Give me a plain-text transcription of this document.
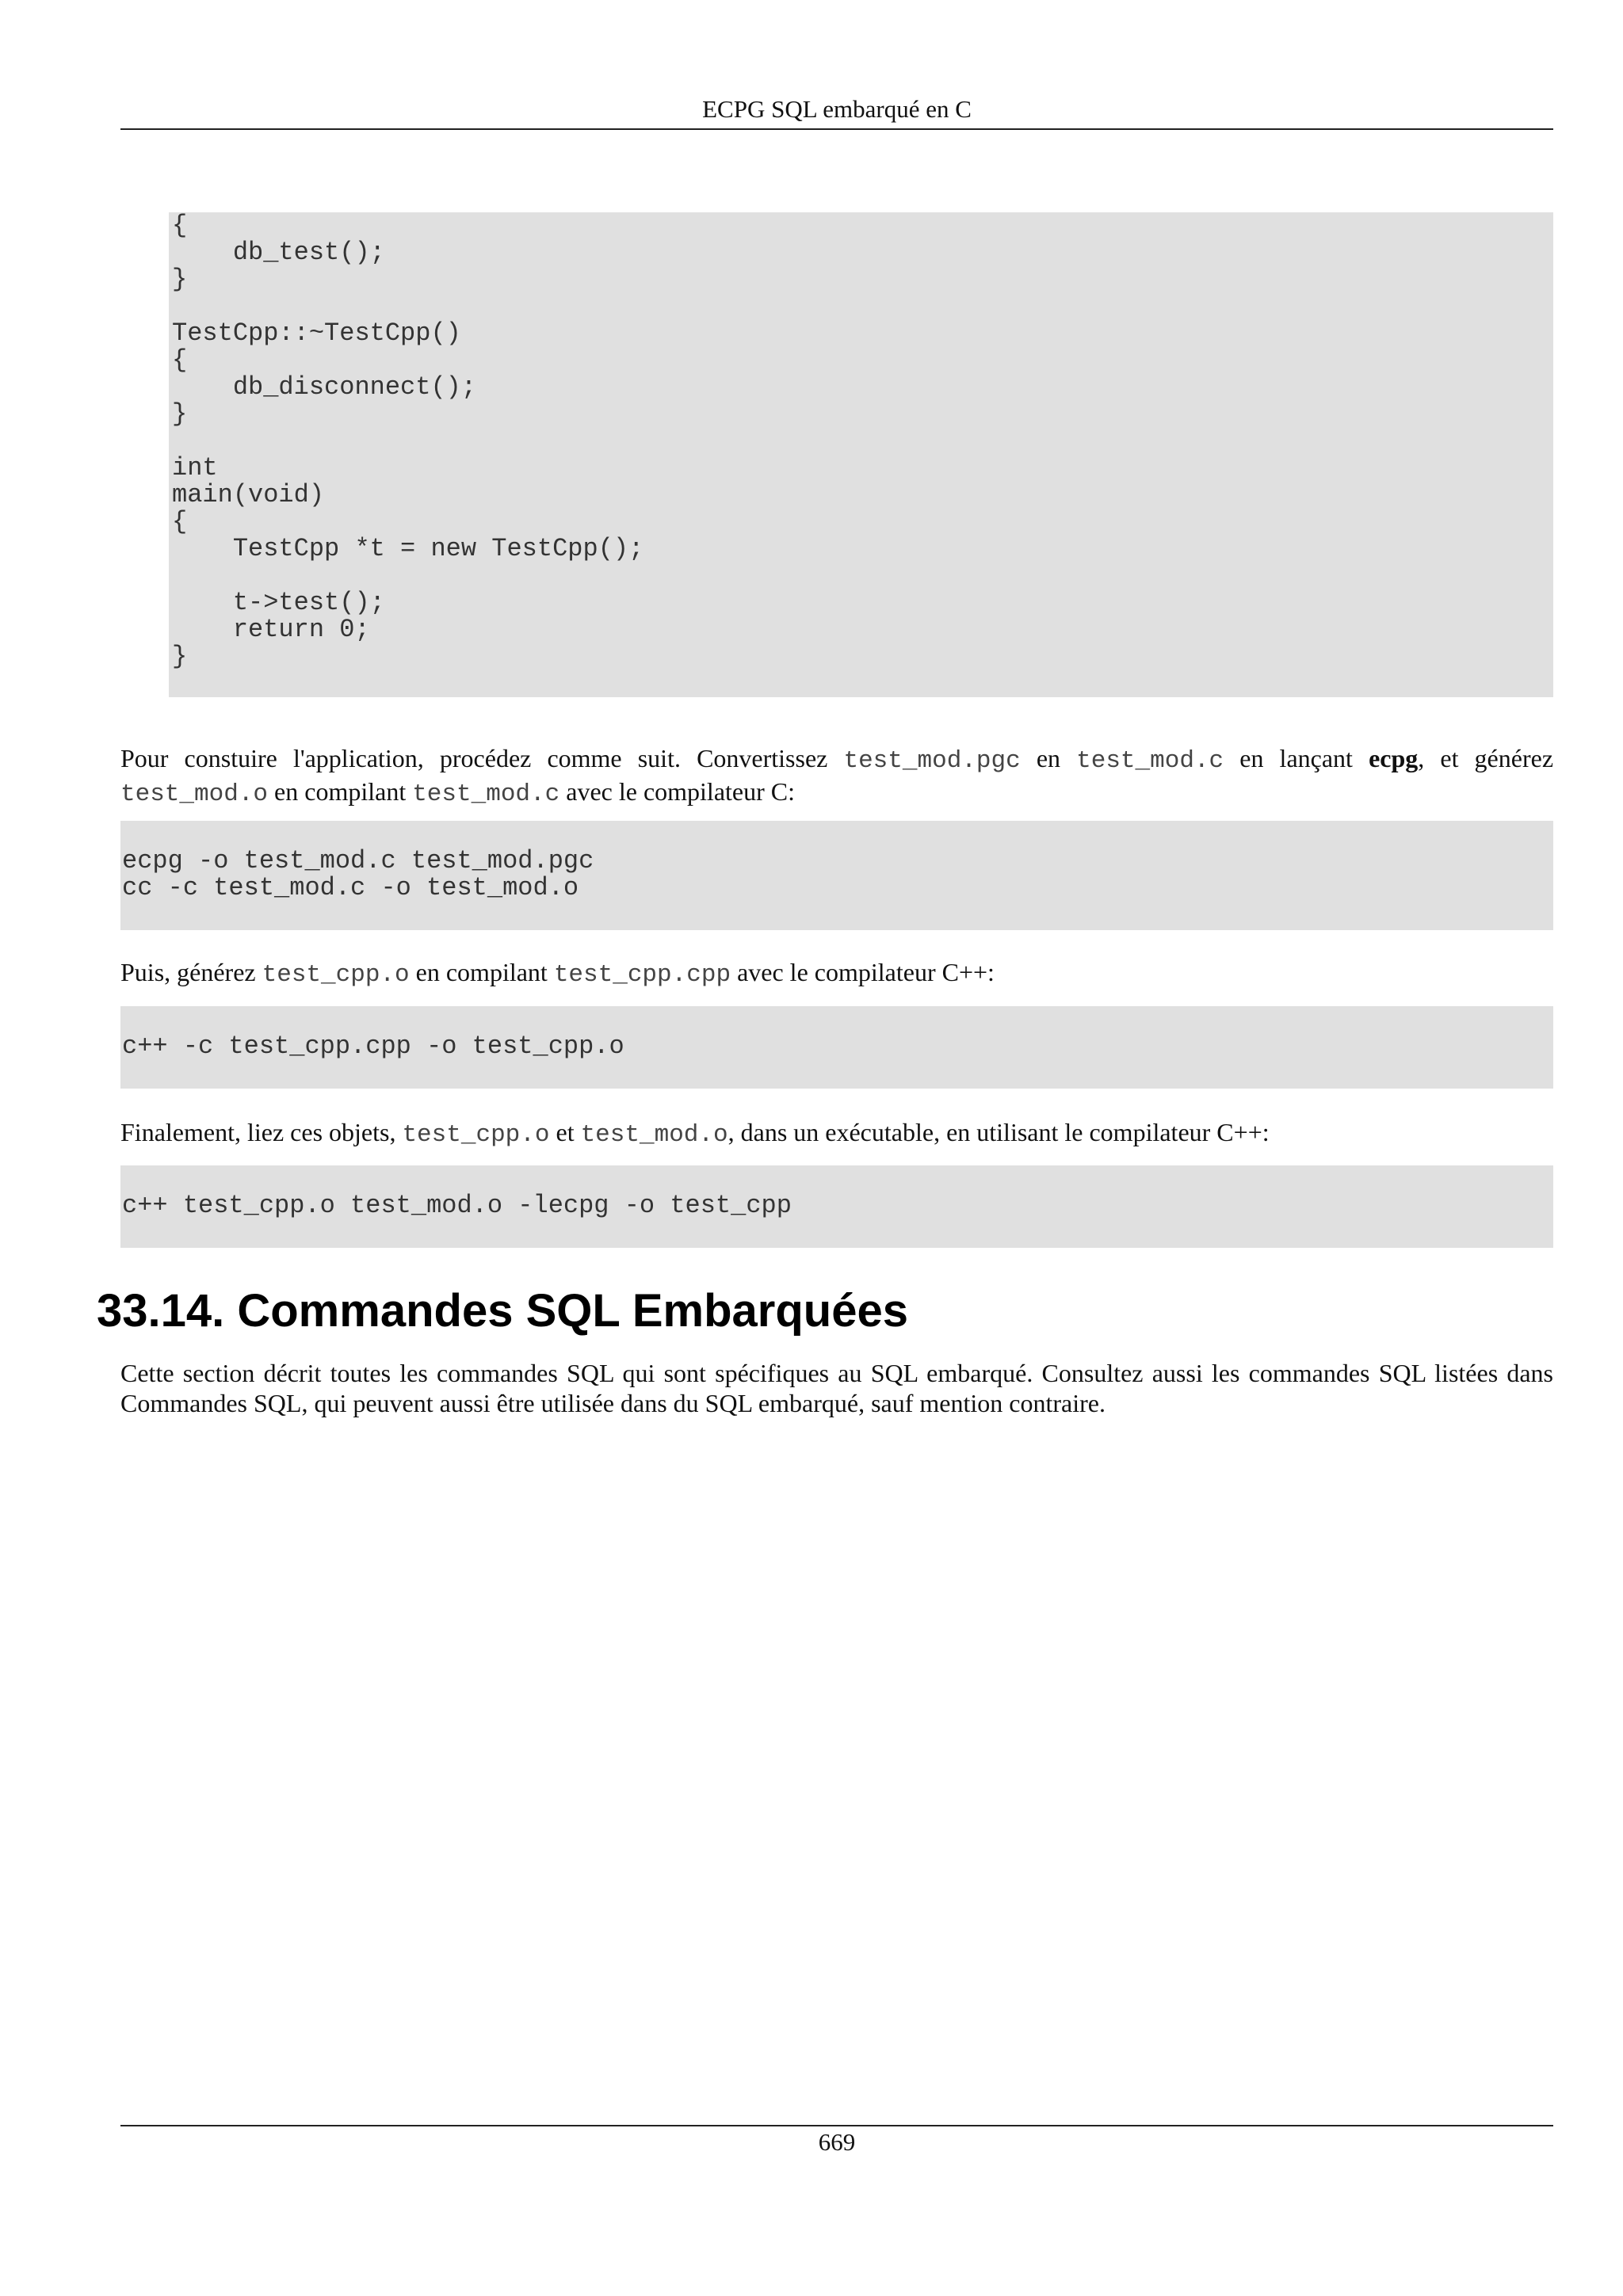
ECPG SQL embarqué en C
{
db_test();
}

TestCpp::~TestCpp()
{
db_disconnect();
}

int
main(void)
{
TestCpp *t = new TestCpp();

t->test();
return 0;
}

Pour constuire l'application, procédez comme suit. Convertissez test_mod.pgc en test_mod.c en lançant ecpg, et générez test_mod.o en compilant test_mod.c avec le compilateur C:

ecpg -o test_mod.c test_mod.pgc
cc -c test_mod.c -o test_mod.o

Puis, générez test_cpp.o en compilant test_cpp.cpp avec le compilateur C++:

c++ -c test_cpp.cpp -o test_cpp.o

Finalement, liez ces objets, test_cpp.o et test_mod.o, dans un exécutable, en utilisant le compilateur C++:

c++ test_cpp.o test_mod.o -lecpg -o test_cpp
33.14. Commandes SQL Embarquées

Cette section décrit toutes les commandes SQL qui sont spécifiques au SQL embarqué. Consultez aussi les commandes SQL listées dans Commandes SQL, qui peuvent aussi être utilisée dans du SQL embarqué, sauf mention contraire.

669
